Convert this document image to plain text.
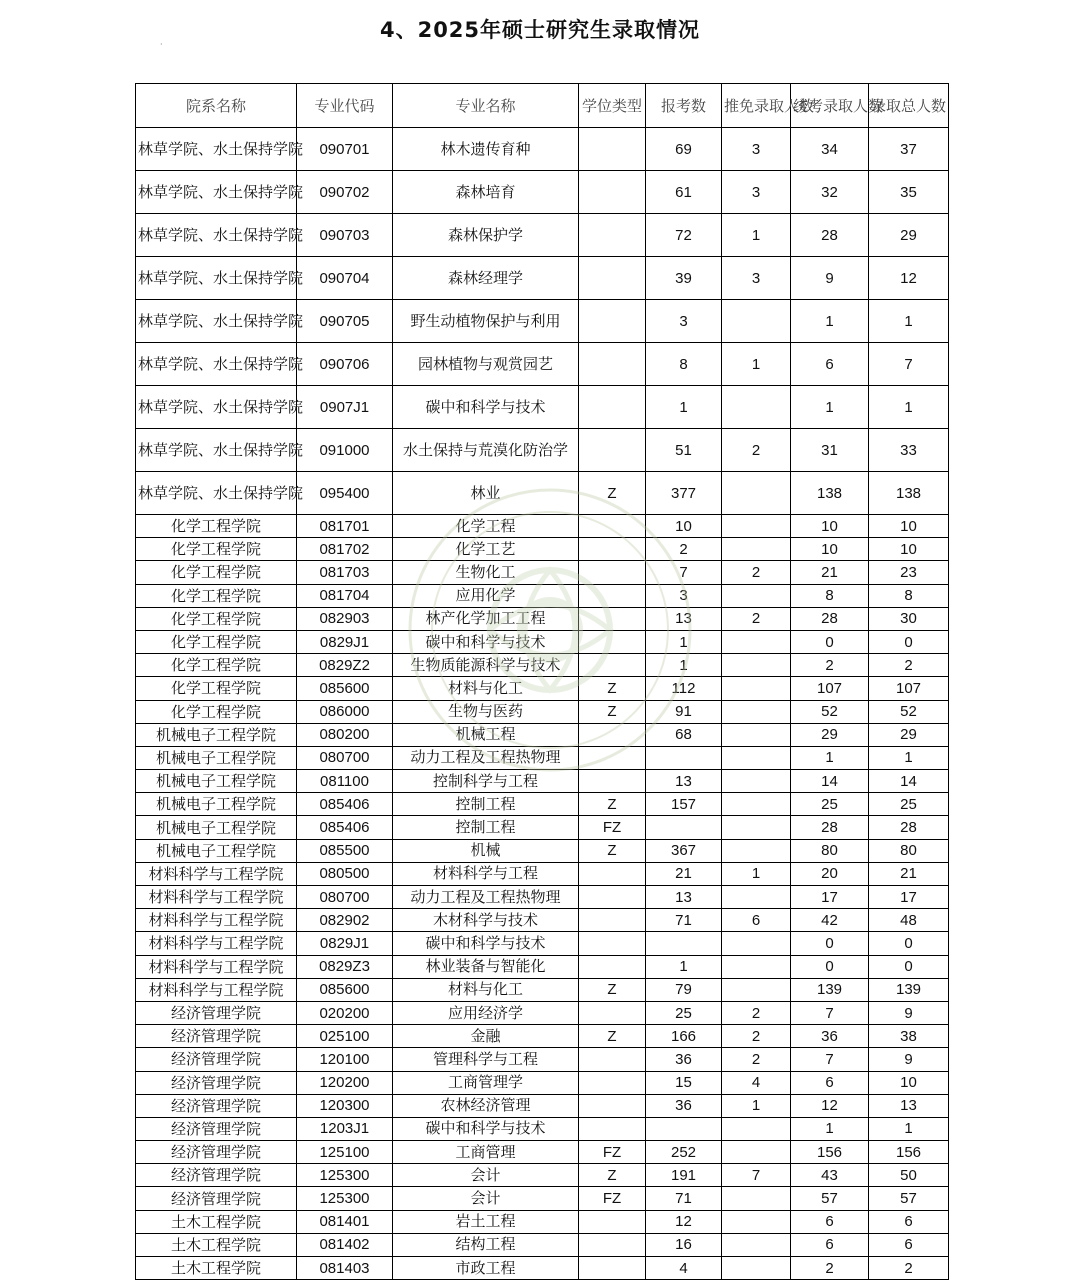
4、2025年硕士研究生录取情况
·
院系名称	专业代码	专业名称	学位类型	报考数	推免录取人数	统考录取人数	录取总人数
林草学院、水土保持学院	090701	林木遗传育种		69	3	34	37
林草学院、水土保持学院	090702	森林培育		61	3	32	35
林草学院、水土保持学院	090703	森林保护学		72	1	28	29
林草学院、水土保持学院	090704	森林经理学		39	3	9	12
林草学院、水土保持学院	090705	野生动植物保护与利用		3		1	1
林草学院、水土保持学院	090706	园林植物与观赏园艺		8	1	6	7
林草学院、水土保持学院	0907J1	碳中和科学与技术		1		1	1
林草学院、水土保持学院	091000	水土保持与荒漠化防治学		51	2	31	33
林草学院、水土保持学院	095400	林业	Z	377		138	138
化学工程学院	081701	化学工程		10		10	10
化学工程学院	081702	化学工艺		2		10	10
化学工程学院	081703	生物化工		7	2	21	23
化学工程学院	081704	应用化学		3		8	8
化学工程学院	082903	林产化学加工工程		13	2	28	30
化学工程学院	0829J1	碳中和科学与技术		1		0	0
化学工程学院	0829Z2	生物质能源科学与技术		1		2	2
化学工程学院	085600	材料与化工	Z	112		107	107
化学工程学院	086000	生物与医药	Z	91		52	52
机械电子工程学院	080200	机械工程		68		29	29
机械电子工程学院	080700	动力工程及工程热物理				1	1
机械电子工程学院	081100	控制科学与工程		13		14	14
机械电子工程学院	085406	控制工程	Z	157		25	25
机械电子工程学院	085406	控制工程	FZ			28	28
机械电子工程学院	085500	机械	Z	367		80	80
材料科学与工程学院	080500	材料科学与工程		21	1	20	21
材料科学与工程学院	080700	动力工程及工程热物理		13		17	17
材料科学与工程学院	082902	木材科学与技术		71	6	42	48
材料科学与工程学院	0829J1	碳中和科学与技术				0	0
材料科学与工程学院	0829Z3	林业装备与智能化		1		0	0
材料科学与工程学院	085600	材料与化工	Z	79		139	139
经济管理学院	020200	应用经济学		25	2	7	9
经济管理学院	025100	金融	Z	166	2	36	38
经济管理学院	120100	管理科学与工程		36	2	7	9
经济管理学院	120200	工商管理学		15	4	6	10
经济管理学院	120300	农林经济管理		36	1	12	13
经济管理学院	1203J1	碳中和科学与技术				1	1
经济管理学院	125100	工商管理	FZ	252		156	156
经济管理学院	125300	会计	Z	191	7	43	50
经济管理学院	125300	会计	FZ	71		57	57
土木工程学院	081401	岩土工程		12		6	6
土木工程学院	081402	结构工程		16		6	6
土木工程学院	081403	市政工程		4		2	2
